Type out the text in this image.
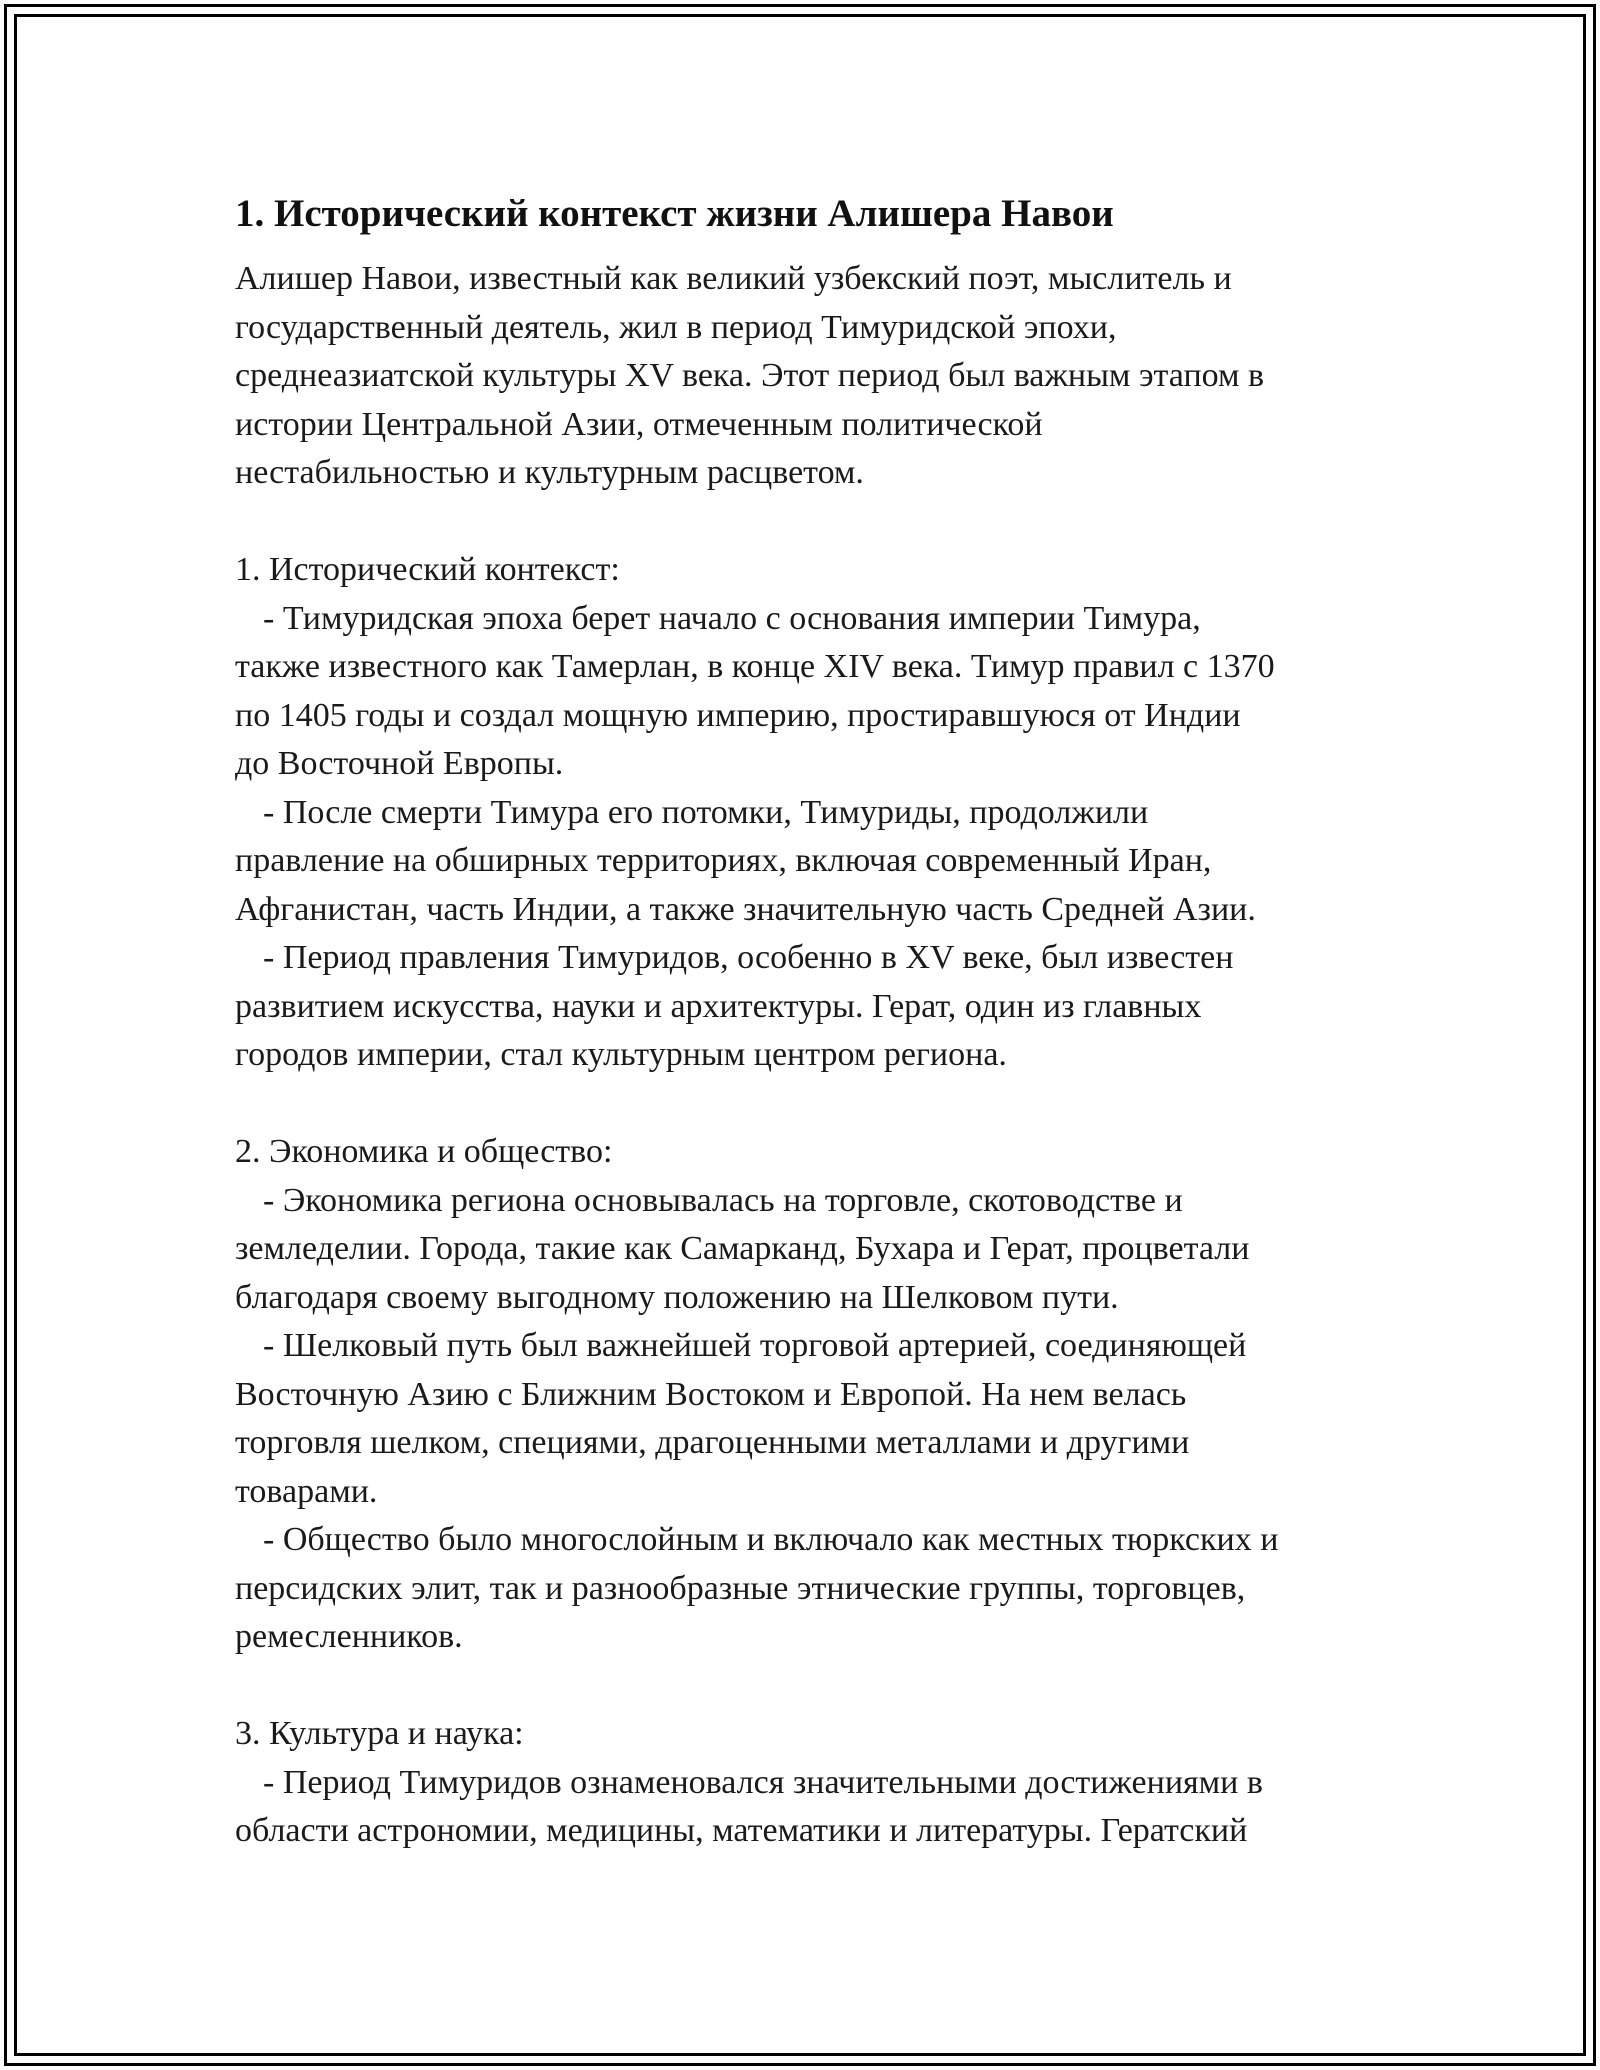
1. Исторический контекст жизни Алишера Навои

Алишер Навои, известный как великий узбекский поэт, мыслитель и
государственный деятель, жил в период Тимуридской эпохи,
среднеазиатской культуры XV века. Этот период был важным этапом в
истории Центральной Азии, отмеченным политической
нестабильностью и культурным расцветом.

1. Исторический контекст:

- Тимуридская эпоха берет начало с основания империи Тимура,
также известного как Тамерлан, в конце XIV века. Тимур правил с 1370
по 1405 годы и создал мощную империю, простиравшуюся от Индии
до Восточной Европы.

- После смерти Тимура его потомки, Тимуриды, продолжили
правление на обширных территориях, включая современный Иран,
Афганистан, часть Индии, а также значительную часть Средней Азии.

- Период правления Тимуридов, особенно в XV веке, был известен
развитием искусства, науки и архитектуры. Герат, один из главных
городов империи, стал культурным центром региона.

2. Экономика и общество:

- Экономика региона основывалась на торговле, скотоводстве и
земледелии. Города, такие как Самарканд, Бухара и Герат, процветали
благодаря своему выгодному положению на Шелковом пути.

- Шелковый путь был важнейшей торговой артерией, соединяющей
Восточную Азию с Ближним Востоком и Европой. На нем велась
торговля шелком, специями, драгоценными металлами и другими
товарами.

- Общество было многослойным и включало как местных тюркских и
персидских элит, так и разнообразные этнические группы, торговцев,
ремесленников.

3. Культура и наука:

- Период Тимуридов ознаменовался значительными достижениями в
области астрономии, медицины, математики и литературы. Гератский
